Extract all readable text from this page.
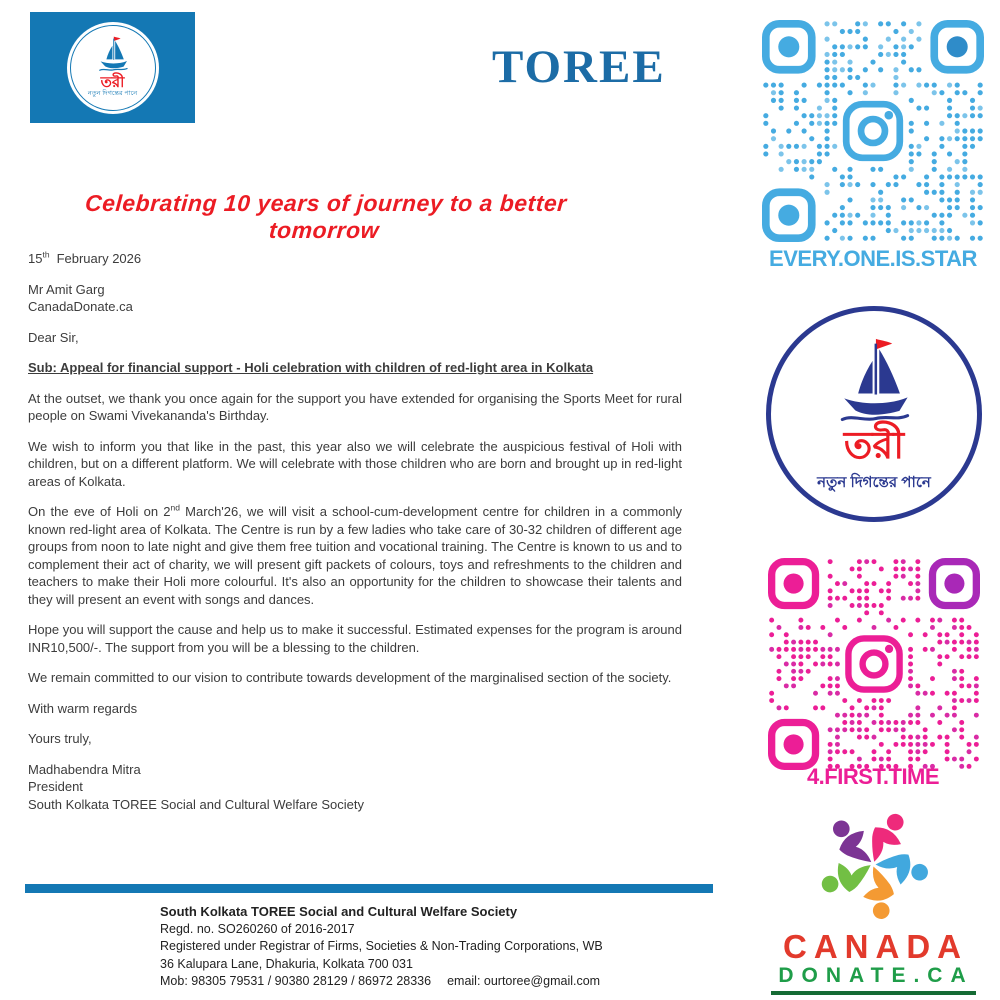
তরী
নতুন দিগন্তের পানে
TOREE
Celebrating 10 years of journey to a better tomorrow
15th February 2026
Mr Amit Garg
CanadaDonate.ca
Dear Sir,
Sub: Appeal for financial support - Holi celebration with children of red-light area in Kolkata
At the outset, we thank you once again for the support you have extended for organising the Sports Meet for rural people on Swami Vivekananda's Birthday.
We wish to inform you that like in the past, this year also we will celebrate the auspicious festival of Holi with children, but on a different platform. We will celebrate with those children who are born and brought up in red-light areas of Kolkata.
On the eve of Holi on 2nd March'26, we will visit a school-cum-development centre for children in a commonly known red-light area of Kolkata. The Centre is run by a few ladies who take care of 30-32 children of different age groups from noon to late night and give them free tuition and vocational training. The Centre is known to us and to complement their act of charity, we will present gift packets of colours, toys and refreshments to the children and teachers to make their Holi more colourful. It's also an opportunity for the children to showcase their talents and they will present an event with songs and dances.
Hope you will support the cause and help us to make it successful. Estimated expenses for the program is around INR10,500/-. The support from you will be a blessing to the children.
We remain committed to our vision to contribute towards development of the marginalised section of the society.
With warm regards
Yours truly,
Madhabendra Mitra
President
South Kolkata TOREE Social and Cultural Welfare Society
South Kolkata TOREE Social and Cultural Welfare Society
Regd. no. SO260260 of 2016-2017
Registered under Registrar of Firms, Societies & Non-Trading Corporations, WB
36 Kalupara Lane, Dhakuria, Kolkata 700 031
Mob: 98305 79531 / 90380 28129 / 86972 28336 email: ourtoree@gmail.com
EVERY.ONE.IS.STAR
তরী
নতুন দিগন্তের পানে
4.FIRST.TIME
CANADA
DONATE.CA
